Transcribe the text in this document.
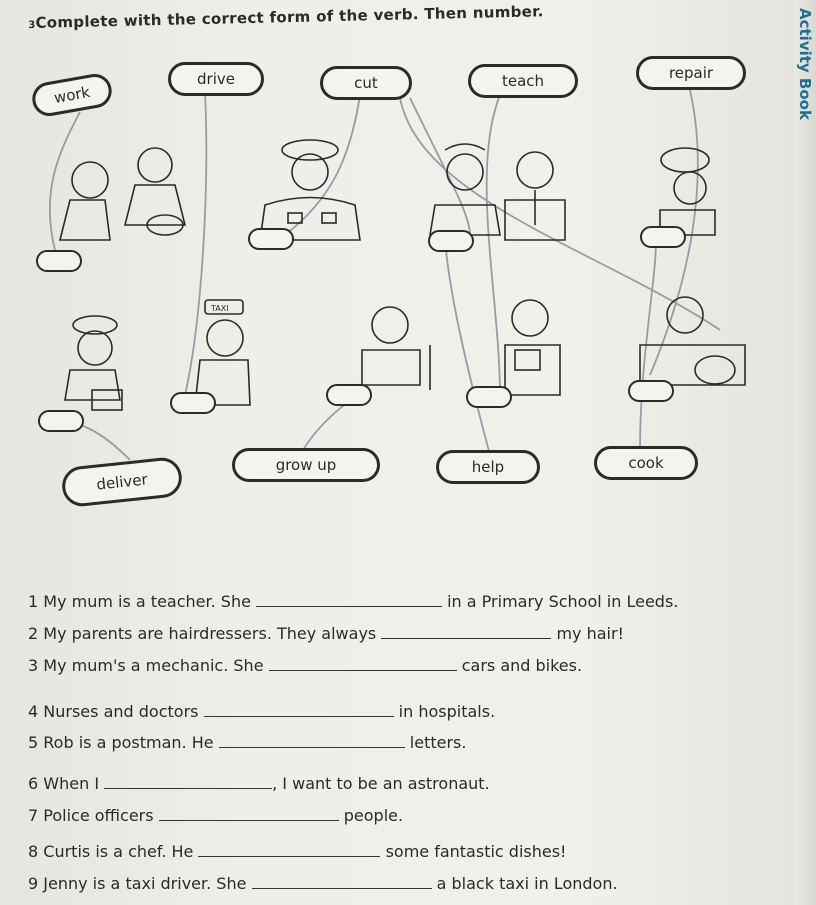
Activity Book
3Complete with the correct form of the verb. Then number.
TAXI
work
drive	cut	teach	repair
deliver
grow up	help	cook
1 My mum is a teacher. She	in a Primary School in Leeds.
2 My parents are hairdressers. They always	my hair!
3 My mum's a mechanic. She	cars and bikes.
4 Nurses and doctors	in hospitals.
5 Rob is a postman. He	letters.
6 When I	, I want to be an astronaut.
7 Police officers	people.
8 Curtis is a chef. He	some fantastic dishes!
9 Jenny is a taxi driver. She	a black taxi in London.
